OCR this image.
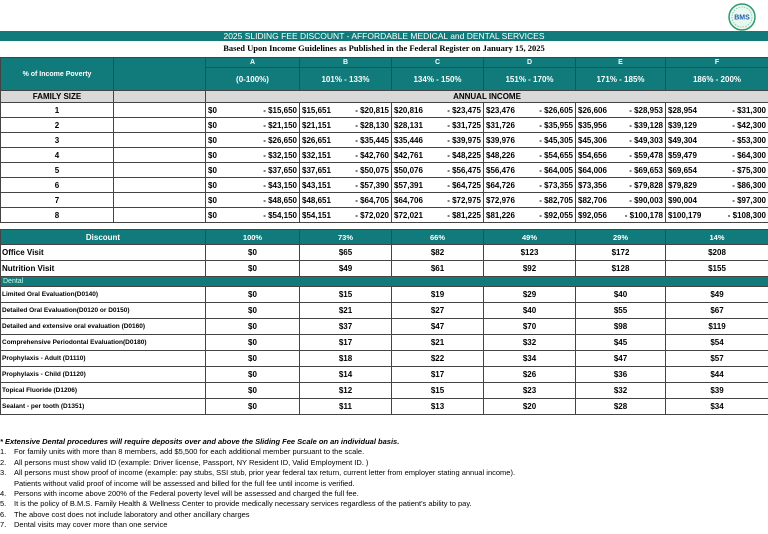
BMS
2025 SLIDING FEE DISCOUNT - AFFORDABLE MEDICAL and DENTAL SERVICES
Based Upon Income Guidelines as Published in the Federal Register on January 15, 2025
% of Income Poverty		A	B	C	D	E	F	
		(0-100%)	101% - 133%	134% - 150%	151% - 170%	171% - 185%	186% - 200%	
FAMILY SIZE		ANNUAL INCOME						
1		$0 - $15,650	$15,651 - $20,815	$20,816 - $23,475	$23,476 - $26,605	$26,606 - $28,953	$28,954 - $31,300

2		$0 - $21,150	$21,151 - $28,130	$28,131 - $31,725	$31,726 - $35,955	$35,956 - $39,128	$39,129 - $42,300

3		$0 - $26,650	$26,651 - $35,445	$35,446 - $39,975	$39,976 - $45,305	$45,306 - $49,303	$49,304 - $53,300

4		$0 - $32,150	$32,151 - $42,760	$42,761 - $48,225	$48,226 - $54,655	$54,656 - $59,478	$59,479 - $64,300

5		$0 - $37,650	$37,651 - $50,075	$50,076 - $56,475	$56,476 - $64,005	$64,006 - $69,653	$69,654 - $75,300

6		$0 - $43,150	$43,151 - $57,390	$57,391 - $64,725	$64,726 - $73,355	$73,356 - $79,828	$79,829 - $86,300

7		$0 - $48,650	$48,651 - $64,705	$64,706 - $72,975	$72,976 - $82,705	$82,706 - $90,003	$90,004 - $97,300

8		$0 - $54,150	$54,151 - $72,020	$72,021 - $81,225	$81,226 - $92,055	$92,056 - $100,178	$100,179 - $108,300

Discount		100%	73%	66%	49%	29%	14%	
Office Visit		$0	$65	$82	$123	$172	$208	
Nutrition Visit		$0	$49	$61	$92	$128	$155	
Dental								
Limited Oral Evaluation(D0140)		$0	$15	$19	$29	$40	$49	
Detailed Oral Evaluation(D0120 or D0150)		$0	$21	$27	$40	$55	$67	
Detailed and extensive oral evaluation (D0160)		$0	$37	$47	$70	$98	$119	
Comprehensive Periodontal Evaluation(D0180)		$0	$17	$21	$32	$45	$54	
Prophylaxis - Adult (D1110)		$0	$18	$22	$34	$47	$57	
Prophylaxis - Child (D1120)		$0	$14	$17	$26	$36	$44	
Topical Fluoride (D1206)		$0	$12	$15	$23	$32	$39	
Sealant - per tooth (D1351)		$0	$11	$13	$20	$28	$34	
* Extensive Dental procedures will require deposits over and above the Sliding Fee Scale on an individual basis.
1.	For family units with more than 8 members, add $5,500 for each additional member pursuant to the scale.
2.	All persons must show valid ID (example: Driver license, Passport, NY Resident ID, Valid Employment ID. )
3.	All persons must show proof of income (example: pay stubs, SSI stub, prior year federal tax return, current letter from employer stating annual income).
Patients without valid proof of income will be assessed and billed for the full fee until income is verified.
4.	Persons with income above 200% of the Federal poverty level will be assessed and charged the full fee.
5.	It is the policy of B.M.S. Family Health & Wellness Center to provide medically necessary services regardless of the patient's ability to pay.
6.	The above cost does not include laboratory and other ancillary charges
7.	Dental visits may cover more than one service
